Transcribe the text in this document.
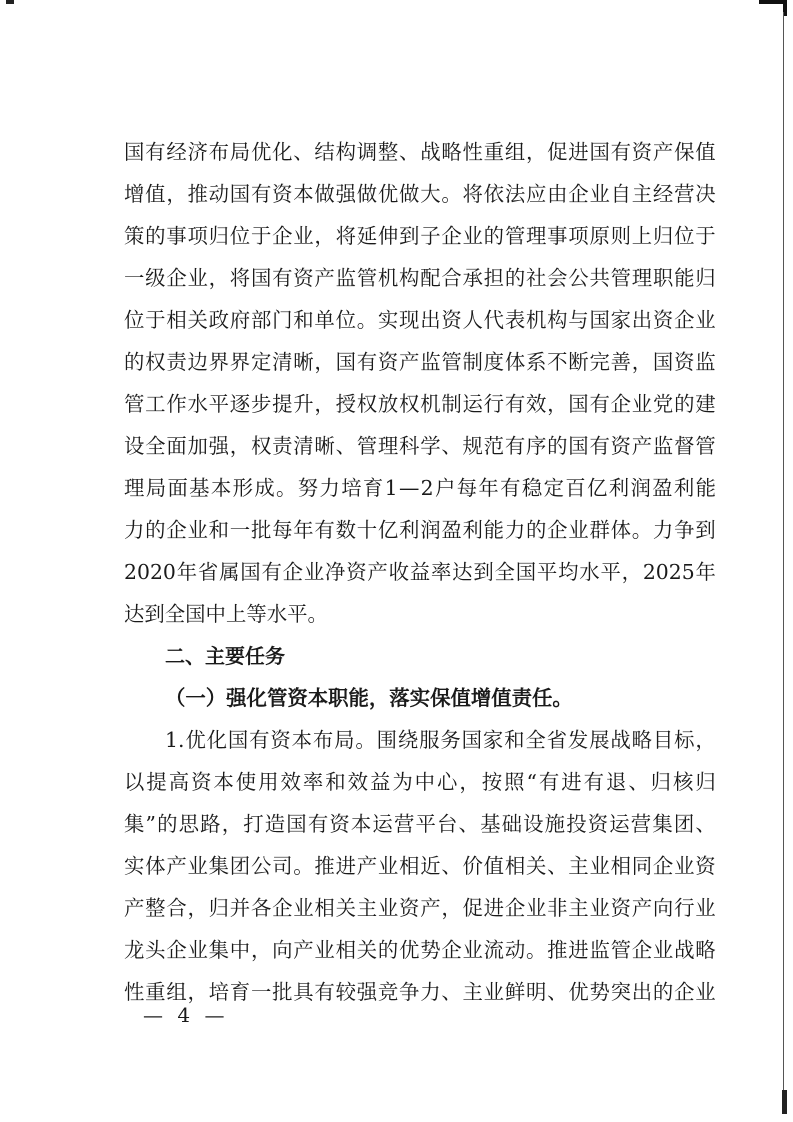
国 有 经 济 布 局 优 化 、 结 构 调 整 、 战 略 性 重 组 ， 促 进 国 有 资 产 保 值
增 值 ， 推 动 国 有 资 本 做 强 做 优 做 大 。 将 依 法 应 由 企 业 自 主 经 营 决
策 的 事 项 归 位 于 企 业 ， 将 延 伸 到 子 企 业 的 管 理 事 项 原 则 上 归 位 于
一 级 企 业 ， 将 国 有 资 产 监 管 机 构 配 合 承 担 的 社 会 公 共 管 理 职 能 归
位 于 相 关 政 府 部 门 和 单 位 。 实 现 出 资 人 代 表 机 构 与 国 家 出 资 企 业
的 权 责 边 界 界 定 清 晰 ， 国 有 资 产 监 管 制 度 体 系 不 断 完 善 ， 国 资 监
管 工 作 水 平 逐 步 提 升 ， 授 权 放 权 机 制 运 行 有 效 ， 国 有 企 业 党 的 建
设 全 面 加 强 ， 权 责 清 晰 、 管 理 科 学 、 规 范 有 序 的 国 有 资 产 监 督 管
理 局 面 基 本 形 成 。 努 力 培 育 1 — 2 户 每 年 有 稳 定 百 亿 利 润 盈 利 能
力 的 企 业 和 一 批 每 年 有 数 十 亿 利 润 盈 利 能 力 的 企 业 群 体 。 力 争 到
2020 年 省 属 国 有 企 业 净 资 产 收 益 率 达 到 全 国 平 均 水 平 ， 2025 年
达到全国中上等水平。
二、主要任务
（一）强化管资本职能，落实保值增值责任。
1. 优 化 国 有 资 本 布 局 。 围 绕 服 务 国 家 和 全 省 发 展 战 略 目 标 ，
以 提 高 资 本 使 用 效 率 和 效 益 为 中 心 ， 按 照 “ 有 进 有 退 、 归 核 归
集 ” 的 思 路 ， 打 造 国 有 资 本 运 营 平 台 、 基 础 设 施 投 资 运 营 集 团 、
实 体 产 业 集 团 公 司 。 推 进 产 业 相 近 、 价 值 相 关 、 主 业 相 同 企 业 资
产 整 合 ， 归 并 各 企 业 相 关 主 业 资 产 ， 促 进 企 业 非 主 业 资 产 向 行 业
龙 头 企 业 集 中 ， 向 产 业 相 关 的 优 势 企 业 流 动 。 推 进 监 管 企 业 战 略
性 重 组 ， 培 育 一 批 具 有 较 强 竞 争 力 、 主 业 鲜 明 、 优 势 突 出 的 企 业
— 4 —
